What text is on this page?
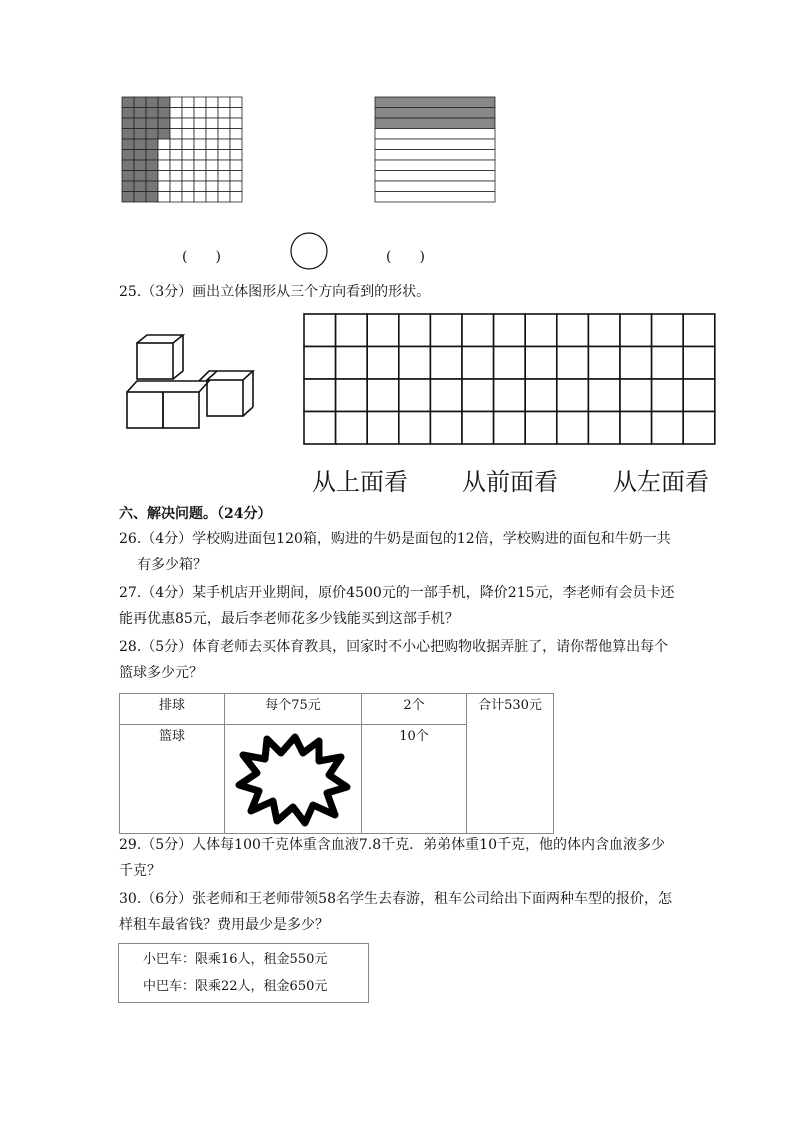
(　　)	(　　)
25.（3分）画出立体图形从三个方向看到的形状。
从上面看 从前面看 从左面看
六、解决问题。（24分）
26.（4分）学校购进面包120箱，购进的牛奶是面包的12倍，学校购进的面包和牛奶一共
有多少箱？
27.（4分）某手机店开业期间，原价4500元的一部手机，降价215元，李老师有会员卡还
能再优惠85元，最后李老师花多少钱能买到这部手机？
28.（5分）体育老师去买体育教具，回家时不小心把购物收据弄脏了，请你帮他算出每个
篮球多少元？
排球	每个75元	2个	合计530元
篮球		10个	
29.（5分）人体每100千克体重含血液7.8千克．弟弟体重10千克，他的体内含血液多少
千克？
30.（6分）张老师和王老师带领58名学生去春游，租车公司给出下面两种车型的报价，怎
样租车最省钱？费用最少是多少？
小巴车：限乘16人，租金550元
中巴车：限乘22人，租金650元
